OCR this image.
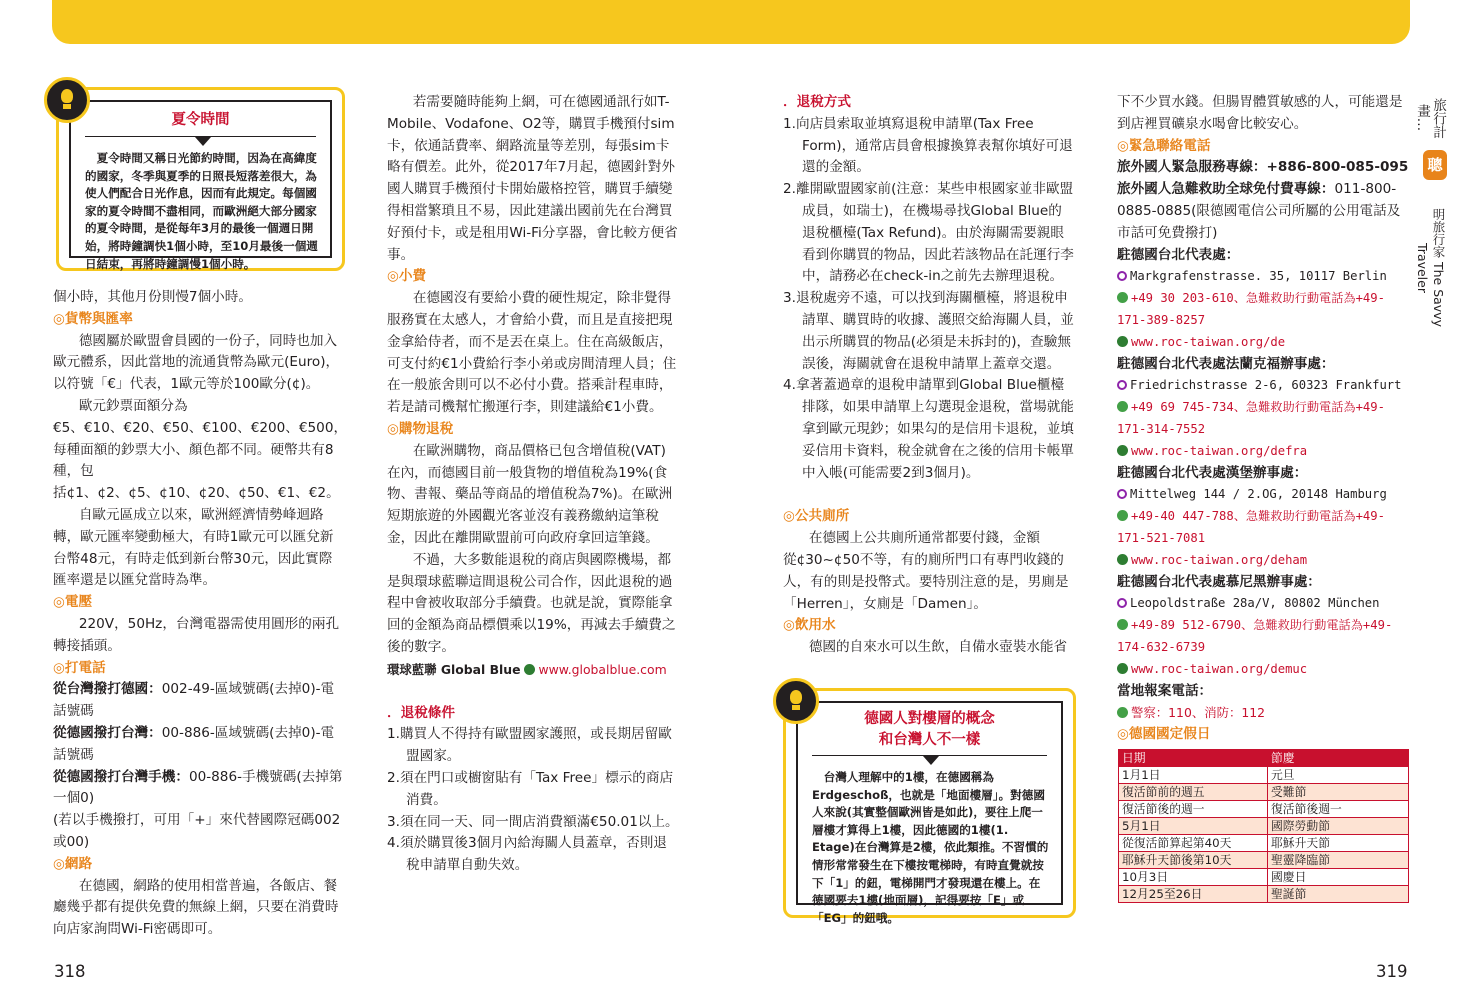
夏令時間
　夏令時間又稱日光節約時間，因為在高緯度的國家，冬季與夏季的日照長短落差很大，為使人們配合日光作息，因而有此規定。每個國家的夏令時間不盡相同，而歐洲絕大部分國家的夏令時間，是從每年3月的最後一個週日開始，將時鐘調快1個小時，至10月最後一個週日結束，再將時鐘調慢1個小時。

個小時，其他月份則慢7個小時。

◎貨幣與匯率

德國屬於歐盟會員國的一份子，同時也加入歐元體系，因此當地的流通貨幣為歐元(Euro)，以符號「€」代表，1歐元等於100歐分(¢)。

歐元鈔票面額分為€5、€10、€20、€50、€100、€200、€500，每種面額的鈔票大小、顏色都不同。硬幣共有8種，包括¢1、¢2、¢5、¢10、¢20、¢50、€1、€2。

自歐元區成立以來，歐洲經濟情勢峰迴路轉，歐元匯率變動極大，有時1歐元可以匯兌新台幣48元，有時走低到新台幣30元，因此實際匯率還是以匯兌當時為準。

◎電壓

220V，50Hz，台灣電器需使用圓形的兩孔轉接插頭。

◎打電話

從台灣撥打德國：002-49-區域號碼(去掉0)-電話號碼

從德國撥打台灣：00-886-區域號碼(去掉0)-電話號碼

從德國撥打台灣手機：00-886-手機號碼(去掉第一個0)

(若以手機撥打，可用「+」來代替國際冠碼002或00)

◎網路

在德國，網路的使用相當普遍，各飯店、餐廳幾乎都有提供免費的無線上網，只要在消費時向店家詢問Wi-Fi密碼即可。

若需要隨時能夠上網，可在德國通訊行如T-Mobile、Vodafone、O2等，購買手機預付sim卡，依通話費率、網路流量等差別，每張sim卡略有價差。此外，從2017年7月起，德國針對外國人購買手機預付卡開始嚴格控管，購買手續變得相當繁瑣且不易，因此建議出國前先在台灣買好預付卡，或是租用Wi-Fi分享器，會比較方便省事。

◎小費

在德國沒有要給小費的硬性規定，除非覺得服務實在太感人，才會給小費，而且是直接把現金拿給侍者，而不是丟在桌上。住在高級飯店，可支付約€1小費給行李小弟或房間清理人員；住在一般旅舍則可以不必付小費。搭乘計程車時，若是請司機幫忙搬運行李，則建議給€1小費。

◎購物退稅

在歐洲購物，商品價格已包含增值稅(VAT)在內，而德國目前一般貨物的增值稅為19%(食物、書報、藥品等商品的增值稅為7%)。在歐洲短期旅遊的外國觀光客並沒有義務繳納這筆稅金，因此在離開歐盟前可向政府拿回這筆錢。

不過，大多數能退稅的商店與國際機場，都是與環球藍聯這間退稅公司合作，因此退稅的過程中會被收取部分手續費。也就是說，實際能拿回的金額為商品標價乘以19%，再減去手續費之後的數字。

環球藍聯 Global Blue www.globalblue.com

．退稅條件

1.購買人不得持有歐盟國家護照，或長期居留歐盟國家。

2.須在門口或櫥窗貼有「Tax Free」標示的商店消費。

3.須在同一天、同一間店消費額滿€50.01以上。

4.須於購買後3個月內給海關人員蓋章，否則退稅申請單自動失效。

．退稅方式

1.向店員索取並填寫退稅申請單(Tax Free Form)，通常店員會根據換算表幫你填好可退還的金額。

2.離開歐盟國家前(注意：某些申根國家並非歐盟成員，如瑞士)，在機場尋找Global Blue的退稅櫃檯(Tax Refund)。由於海關需要親眼看到你購買的物品，因此若該物品在託運行李中，請務必在check-in之前先去辦理退稅。

3.退稅處旁不遠，可以找到海關櫃檯，將退稅申請單、購買時的收據、護照交給海關人員，並出示所購買的物品(必須是未拆封的)，查驗無誤後，海關就會在退稅申請單上蓋章交還。

4.拿著蓋過章的退稅申請單到Global Blue櫃檯排隊，如果申請單上勾選現金退稅，當場就能拿到歐元現鈔；如果勾的是信用卡退稅，並填妥信用卡資料，稅金就會在之後的信用卡帳單中入帳(可能需要2到3個月)。

◎公共廁所

在德國上公共廁所通常都要付錢，金額從¢30~¢50不等，有的廁所門口有專門收錢的人，有的則是投幣式。要特別注意的是，男廁是「Herren」，女廁是「Damen」。

◎飲用水

德國的自來水可以生飲，自備水壺裝水能省

德國人對樓層的概念
和台灣人不一樣
　台灣人理解中的1樓，在德國稱為Erdgeschoß，也就是「地面樓層」。對德國人來說(其實整個歐洲皆是如此)，要往上爬一層樓才算得上1樓，因此德國的1樓(1. Etage)在台灣算是2樓，依此類推。不習慣的情形常常發生在下樓按電梯時，有時直覺就按下「1」的鈕，電梯開門才發現還在樓上。在德國要去1樓(地面層)，記得要按「E」或「EG」的鈕哦。

下不少買水錢。但腸胃體質敏感的人，可能還是到店裡買礦泉水喝會比較安心。

◎緊急聯絡電話

旅外國人緊急服務專線：+886-800-085-095

旅外國人急難救助全球免付費專線：011-800-0885-0885(限德國電信公司所屬的公用電話及市話可免費撥打)

駐德國台北代表處：

Markgrafenstrasse. 35, 10117 Berlin

+49 30 203-610、急難救助行動電話為+49-171-389-8257

www.roc-taiwan.org/de

駐德國台北代表處法蘭克福辦事處：

Friedrichstrasse 2-6, 60323 Frankfurt

+49 69 745-734、急難救助行動電話為+49-171-314-7552

www.roc-taiwan.org/defra

駐德國台北代表處漢堡辦事處：

Mittelweg 144 / 2.OG, 20148 Hamburg

+49-40 447-788、急難救助行動電話為+49-171-521-7081

www.roc-taiwan.org/deham

駐德國台北代表處慕尼黑辦事處：

Leopoldstraße 28a/V, 80802 München

+49-89 512-6790、急難救助行動電話為+49-174-632-6739

www.roc-taiwan.org/demuc

當地報案電話：

警察：110、消防：112

◎德國國定假日

日期	節慶
1月1日	元旦
復活節前的週五	受難節
復活節後的週一	復活節後週一
5月1日	國際勞動節
從復活節算起第40天	耶穌升天節
耶穌升天節後第10天	聖靈降臨節
10月3日	國慶日
12月25至26日	聖誕節
旅行計畫…
聰
明旅行家 The Savvy Traveler
318	319
